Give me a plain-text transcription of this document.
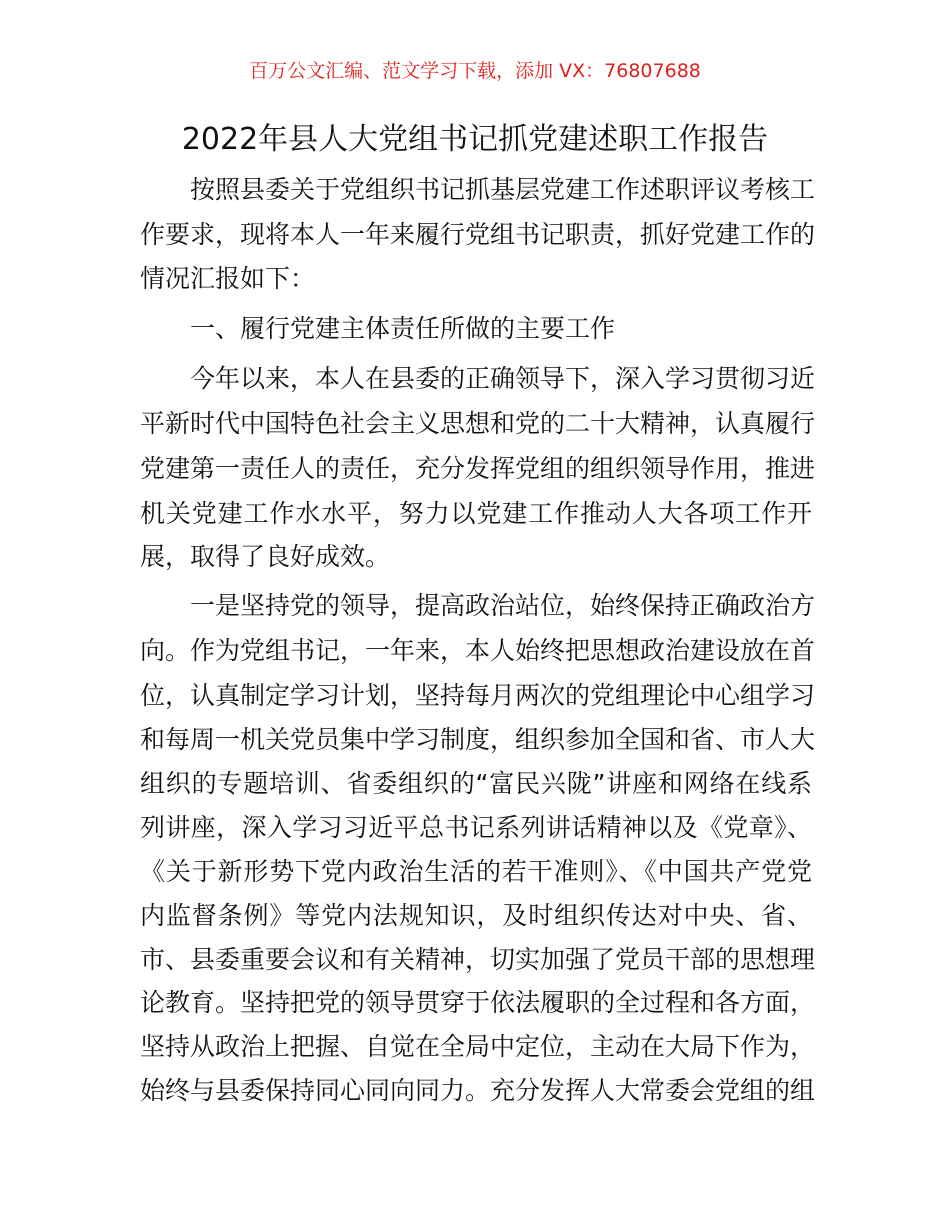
百万公文汇编、范文学习下载，添加 VX：76807688
2022年县人大党组书记抓党建述职工作报告
按照县委关于党组织书记抓基层党建工作述职评议考核工
作要求，现将本人一年来履行党组书记职责，抓好党建工作的
情况汇报如下：
一、履行党建主体责任所做的主要工作
今年以来，本人在县委的正确领导下，深入学习贯彻习近
平新时代中国特色社会主义思想和党的二十大精神，认真履行
党建第一责任人的责任，充分发挥党组的组织领导作用，推进
机关党建工作水水平，努力以党建工作推动人大各项工作开
展，取得了良好成效。
一是坚持党的领导，提高政治站位，始终保持正确政治方
向。作为党组书记，一年来，本人始终把思想政治建设放在首
位，认真制定学习计划，坚持每月两次的党组理论中心组学习
和每周一机关党员集中学习制度，组织参加全国和省、市人大
组织的专题培训、省委组织的“富民兴陇”讲座和网络在线系
列讲座，深入学习习近平总书记系列讲话精神以及《党章》、
《关于新形势下党内政治生活的若干准则》、《中国共产党党
内监督条例》等党内法规知识，及时组织传达对中央、省、
市、县委重要会议和有关精神，切实加强了党员干部的思想理
论教育。坚持把党的领导贯穿于依法履职的全过程和各方面，
坚持从政治上把握、自觉在全局中定位，主动在大局下作为，
始终与县委保持同心同向同力。充分发挥人大常委会党组的组
